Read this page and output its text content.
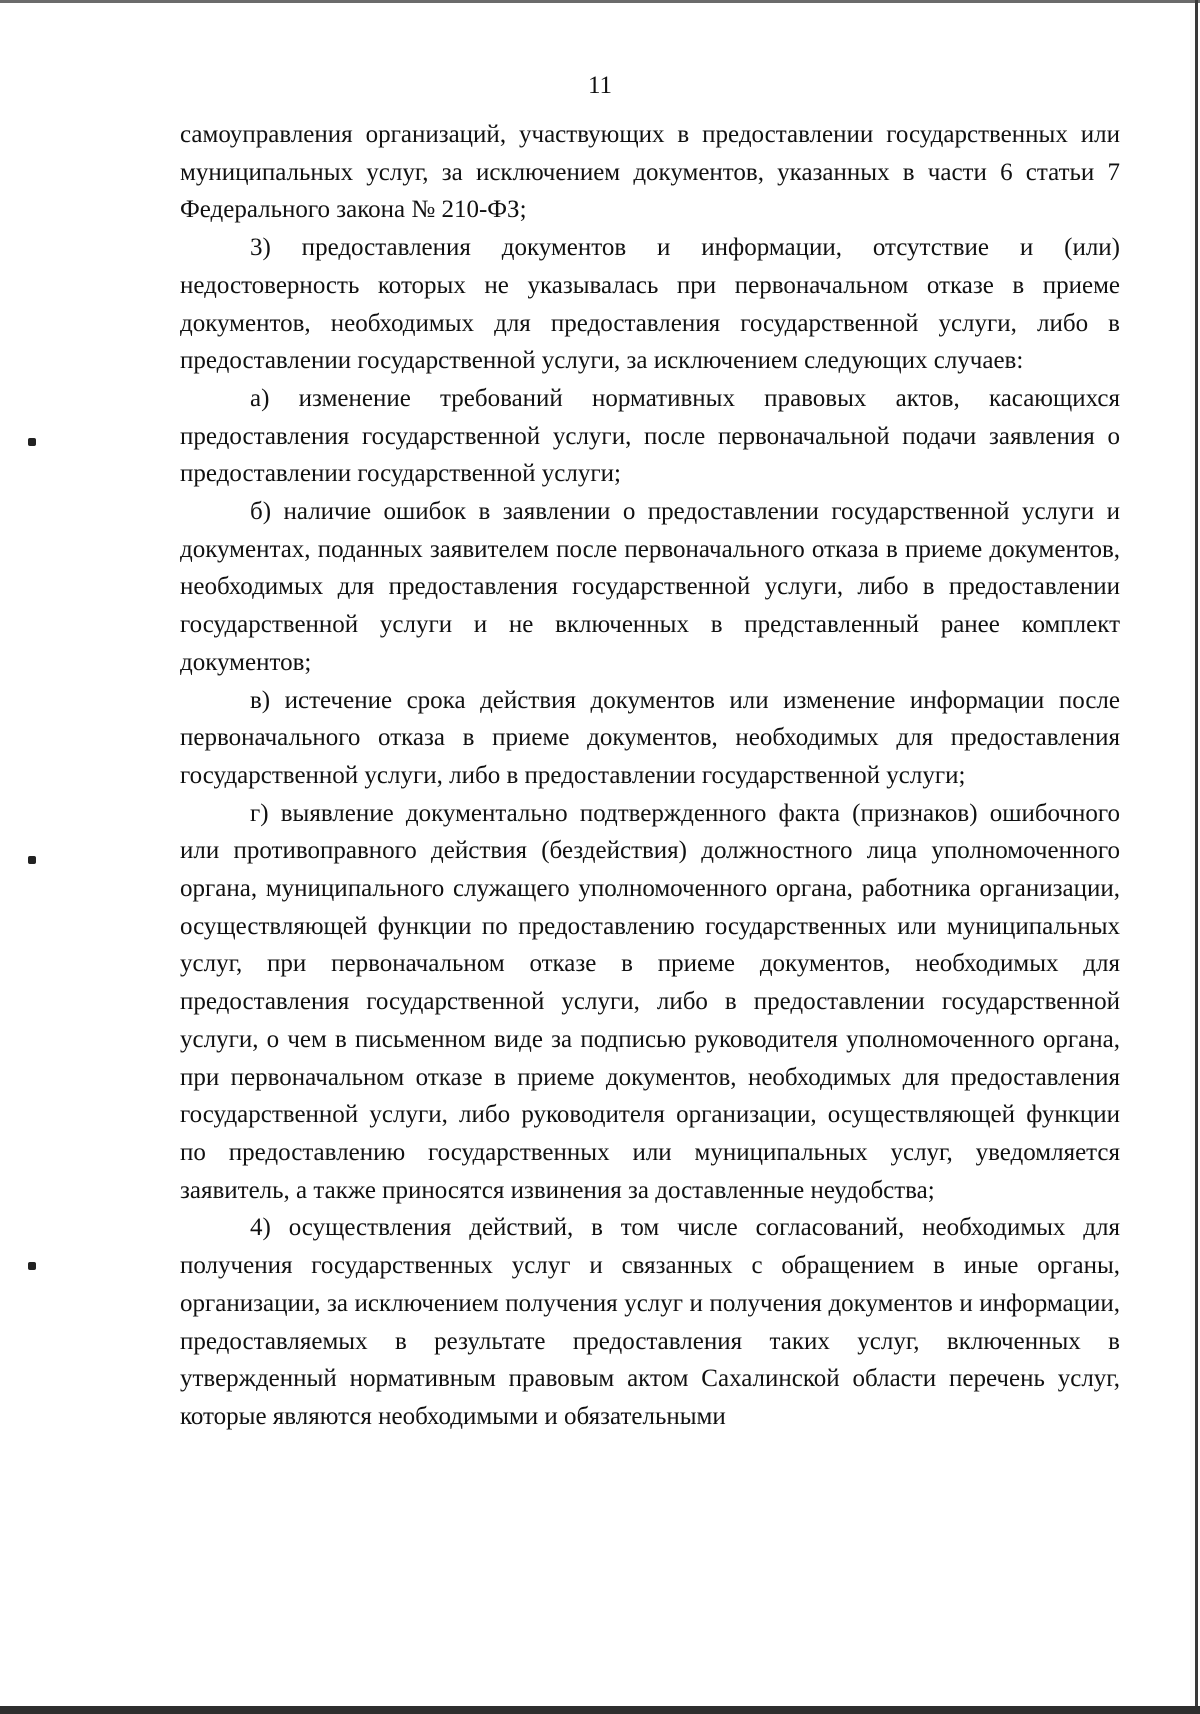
11

самоуправления организаций, участвующих в предоставлении государственных или муниципальных услуг, за исключением документов, указанных в части 6 статьи 7 Федерального закона № 210-ФЗ;

3) предоставления документов и информации, отсутствие и (или) недостоверность которых не указывалась при первоначальном отказе в приеме документов, необходимых для предоставления государственной услуги, либо в предоставлении государственной услуги, за исключением следующих случаев:

а) изменение требований нормативных правовых актов, касающихся предоставления государственной услуги, после первоначальной подачи заявления о предоставлении государственной услуги;

б) наличие ошибок в заявлении о предоставлении государственной услуги и документах, поданных заявителем после первоначального отказа в приеме документов, необходимых для предоставления государственной услуги, либо в предоставлении государственной услуги и не включенных в представленный ранее комплект документов;

в) истечение срока действия документов или изменение информации после первоначального отказа в приеме документов, необходимых для предоставления государственной услуги, либо в предоставлении государственной услуги;

г) выявление документально подтвержденного факта (признаков) ошибочного или противоправного действия (бездействия) должностного лица уполномоченного органа, муниципального служащего уполномоченного органа, работника организации, осуществляющей функции по предоставлению государственных или муниципальных услуг, при первоначальном отказе в приеме документов, необходимых для предоставления государственной услуги, либо в предоставлении государственной услуги, о чем в письменном виде за подписью руководителя уполномоченного органа, при первоначальном отказе в приеме документов, необходимых для предоставления государственной услуги, либо руководителя организации, осуществляющей функции по предоставлению государственных или муниципальных услуг, уведомляется заявитель, а также приносятся извинения за доставленные неудобства;

4) осуществления действий, в том числе согласований, необходимых для получения государственных услуг и связанных с обращением в иные органы, организации, за исключением получения услуг и получения документов и информации, предоставляемых в результате предоставления таких услуг, включенных в утвержденный нормативным правовым актом Сахалинской области перечень услуг, которые являются необходимыми и обязательными
